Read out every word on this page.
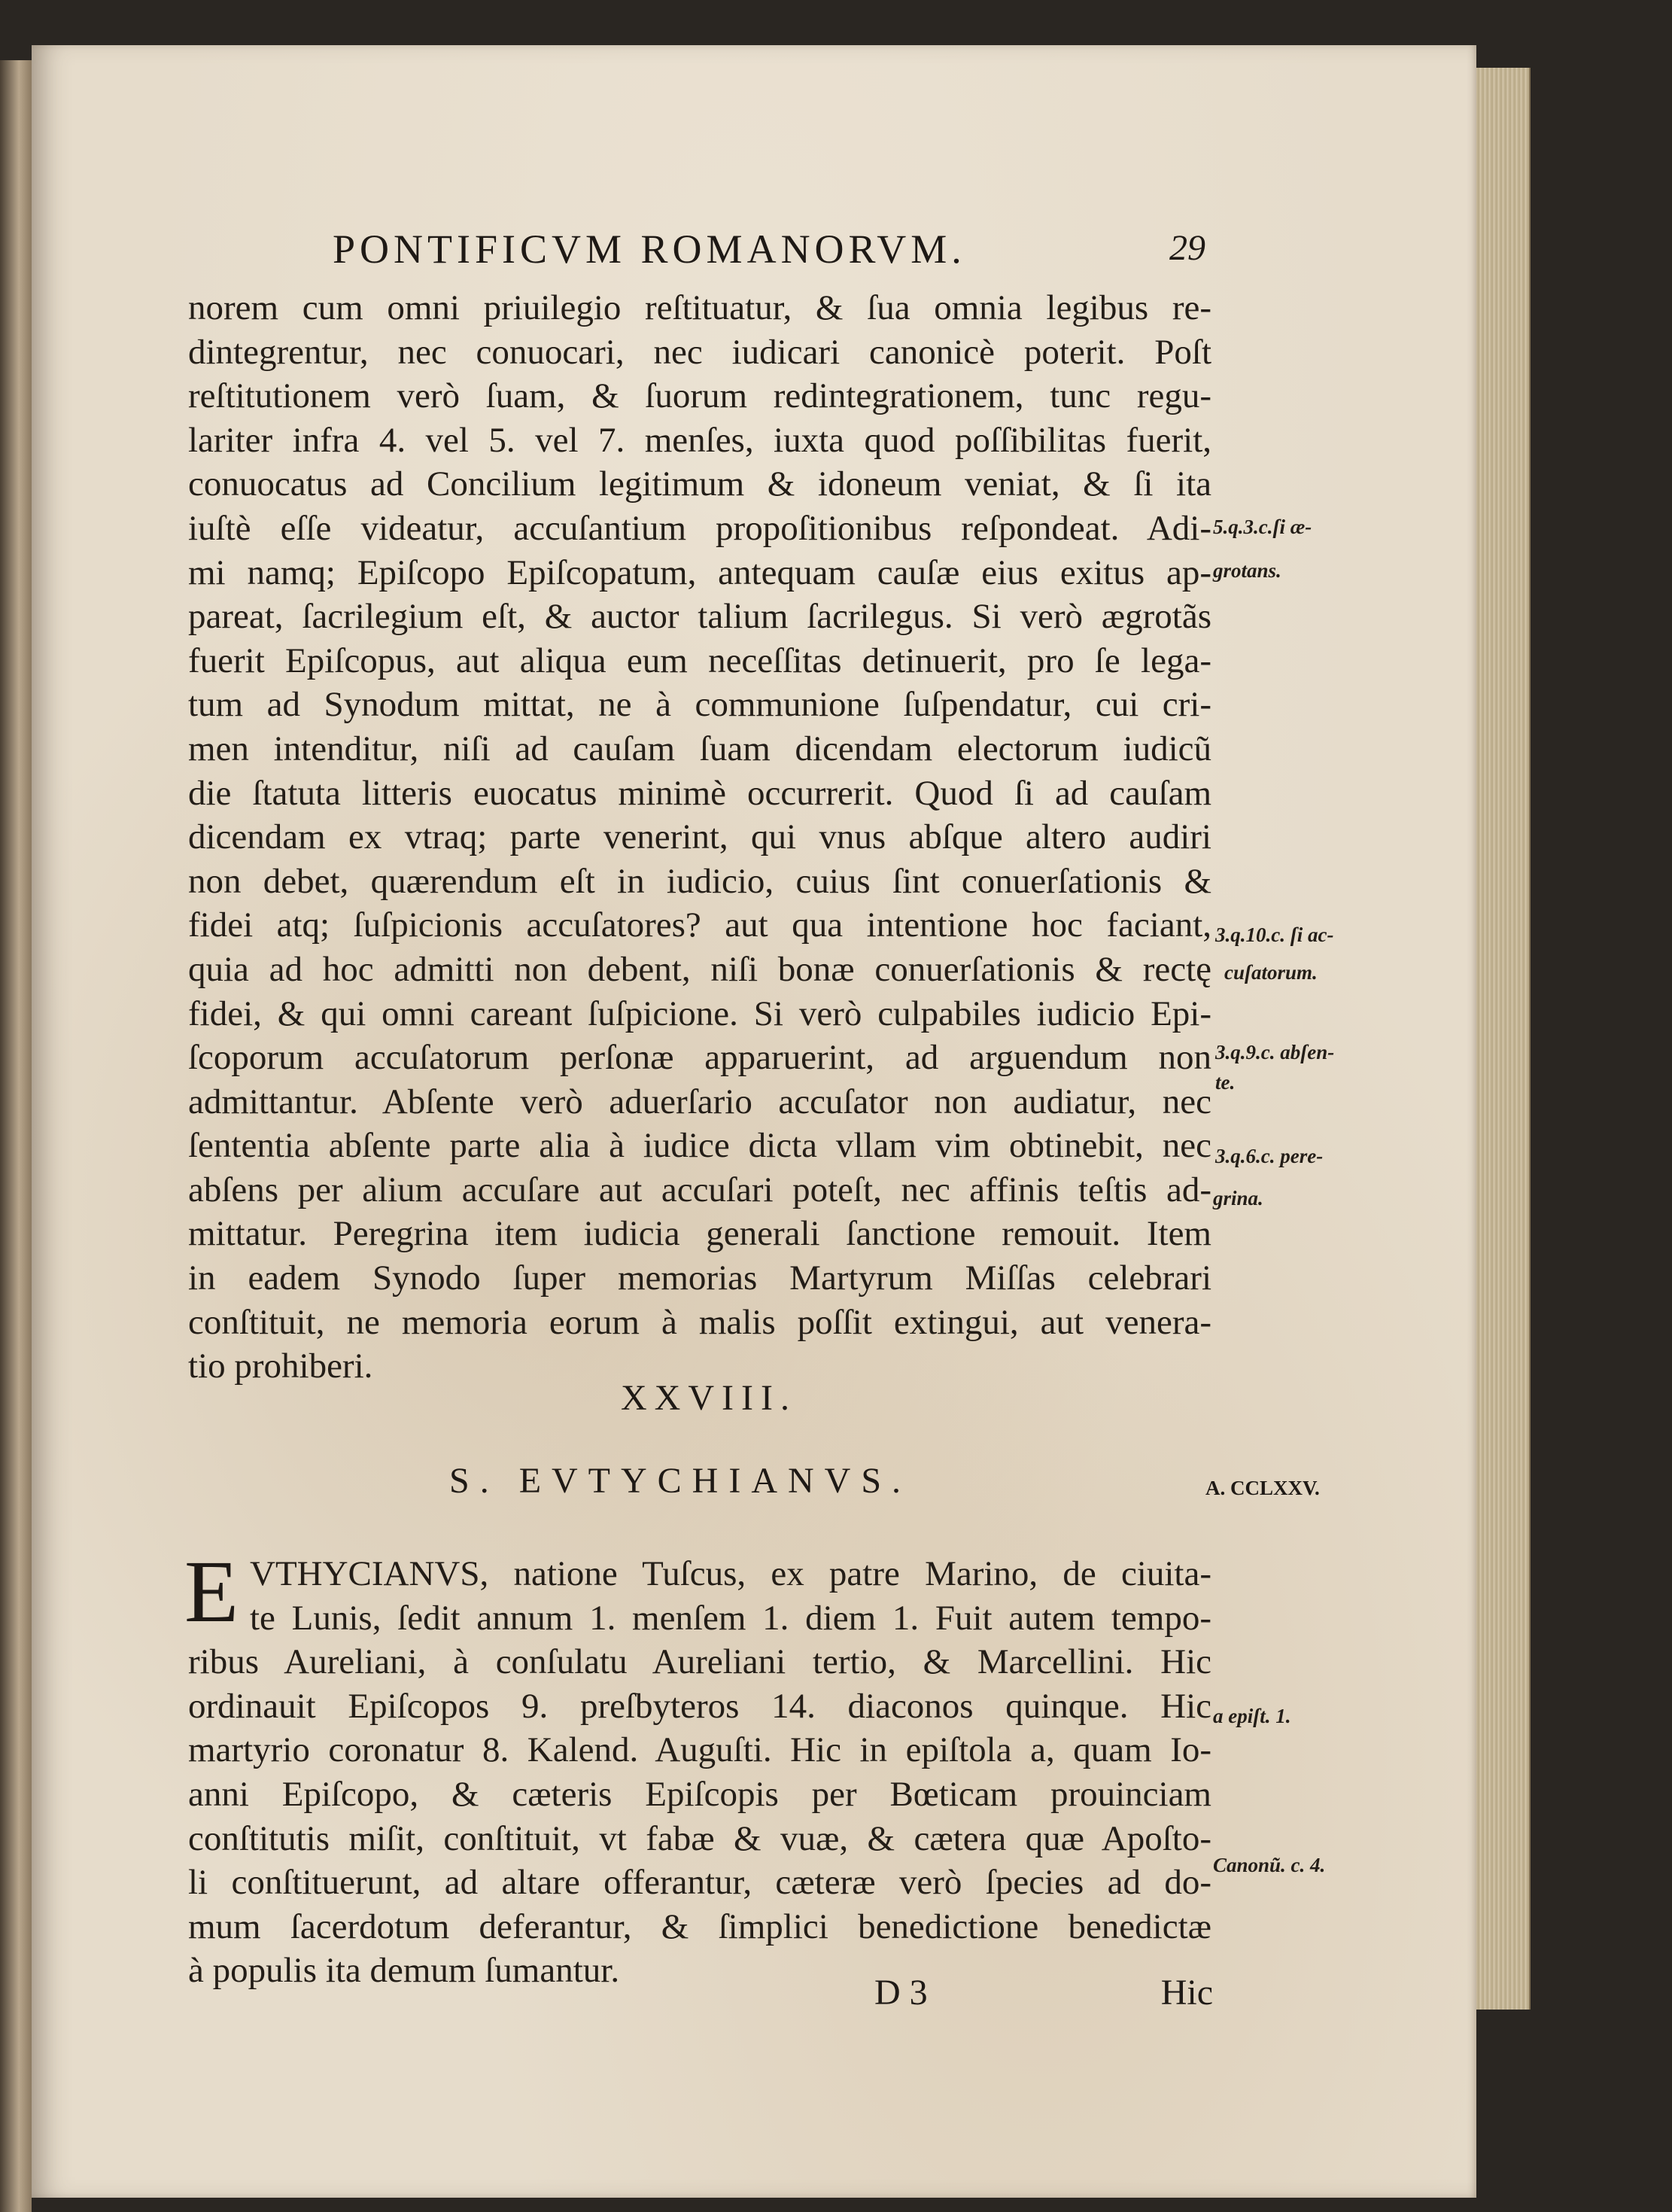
PONTIFICVM ROMANORVM.	29
norem cum omni priuilegio reſtituatur, & ſua omnia legibus re-
dintegrentur, nec conuocari, nec iudicari canonicè poterit. Poſt
reſtitutionem verò ſuam, & ſuorum redintegrationem, tunc regu-
lariter infra 4. vel 5. vel 7. menſes, iuxta quod poſſibilitas fuerit,
conuocatus ad Concilium legitimum & idoneum veniat, & ſi ita
iuſtè eſſe videatur, accuſantium propoſitionibus reſpondeat. Adi-
mi namq; Epiſcopo Epiſcopatum, antequam cauſæ eius exitus ap-
pareat, ſacrilegium eſt, & auctor talium ſacrilegus. Si verò ægrotãs
fuerit Epiſcopus, aut aliqua eum neceſſitas detinuerit, pro ſe lega-
tum ad Synodum mittat, ne à communione ſuſpendatur, cui cri-
men intenditur, niſi ad cauſam ſuam dicendam electorum iudicũ
die ſtatuta litteris euocatus minimè occurrerit. Quod ſi ad cauſam
dicendam ex vtraq; parte venerint, qui vnus abſque altero audiri
non debet, quærendum eſt in iudicio, cuius ſint conuerſationis &
fidei atq; ſuſpicionis accuſatores? aut qua intentione hoc faciant,
quia ad hoc admitti non debent, niſi bonæ conuerſationis & rectę
fidei, & qui omni careant ſuſpicione. Si verò culpabiles iudicio Epi-
ſcoporum accuſatorum perſonæ apparuerint, ad arguendum non
admittantur. Abſente verò aduerſario accuſator non audiatur, nec
ſententia abſente parte alia à iudice dicta vllam vim obtinebit, nec
abſens per alium accuſare aut accuſari poteſt, nec affinis teſtis ad-
mittatur. Peregrina item iudicia generali ſanctione remouit. Item
in eadem Synodo ſuper memorias Martyrum Miſſas celebrari
conſtituit, ne memoria eorum à malis poſſit extingui, aut venera-
tio prohiberi.
5.q.3.c.ſi æ-
grotans.
3.q.10.c. ſi ac-
cuſatorum.
3.q.9.c. abſen-
te.
3.q.6.c. pere-
grina.
a epiſt. 1.
Canonũ. c. 4.
XXVIII.
S. EVTYCHIANVS.	A. CCLXXV.
E VTHYCIANVS, natione Tuſcus, ex patre Marino, de ciuita-
te Lunis, ſedit annum 1. menſem 1. diem 1. Fuit autem tempo-
ribus Aureliani, à conſulatu Aureliani tertio, & Marcellini. Hic
ordinauit Epiſcopos 9. preſbyteros 14. diaconos quinque. Hic
martyrio coronatur 8. Kalend. Auguſti. Hic in epiſtola a, quam Io-
anni Epiſcopo, & cæteris Epiſcopis per Bœticam prouinciam
conſtitutis miſit, conſtituit, vt fabæ & vuæ, & cætera quæ Apoſto-
li conſtituerunt, ad altare offerantur, cæteræ verò ſpecies ad do-
mum ſacerdotum deferantur, & ſimplici benedictione benedictæ
à populis ita demum ſumantur.
D 3	Hic
